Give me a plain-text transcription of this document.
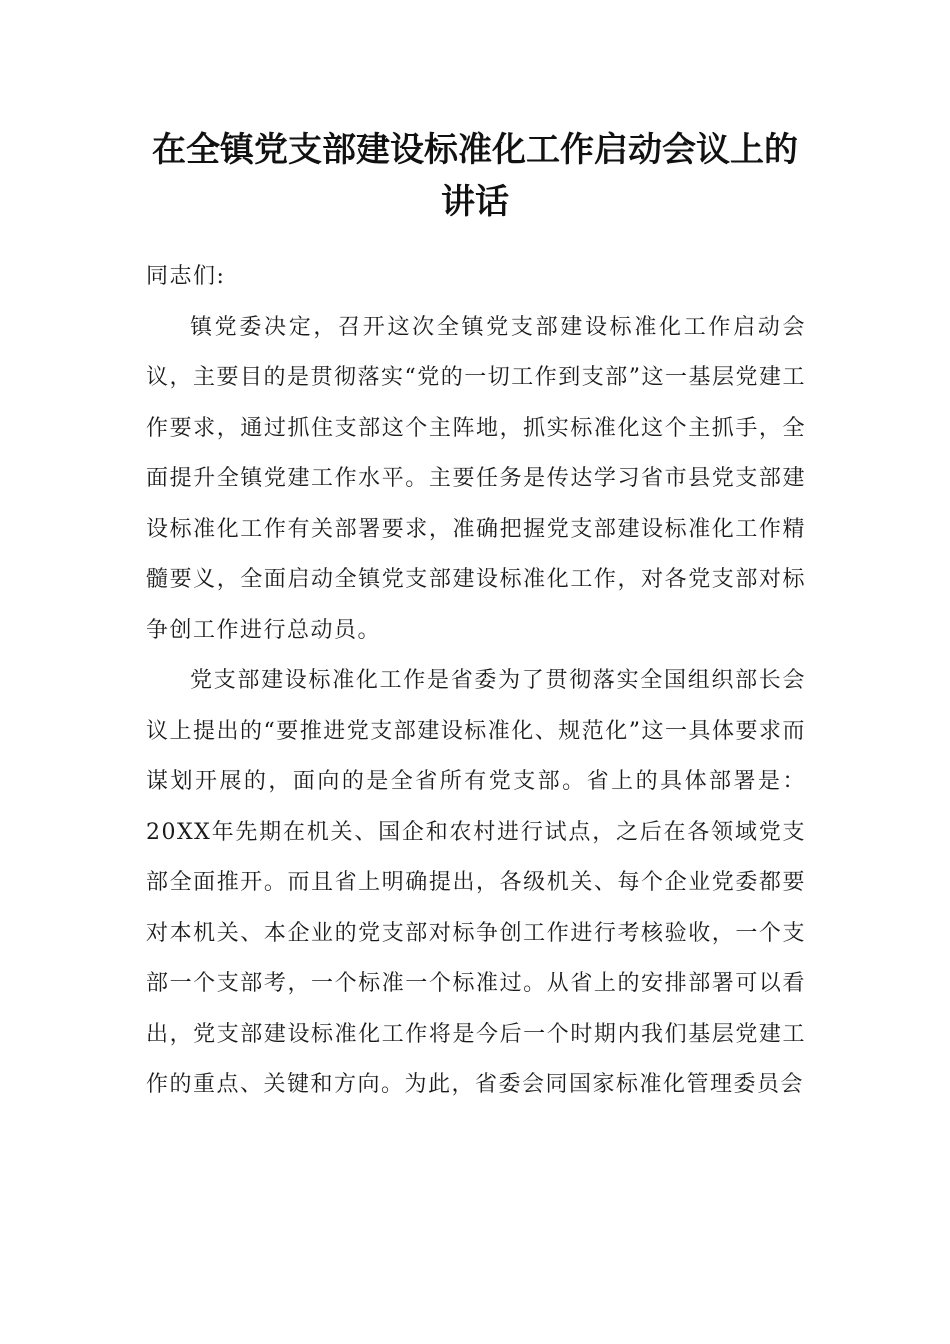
在全镇党支部建设标准化工作启动会议上的讲话

同志们:

镇党委决定，召开这次全镇党支部建设标准化工作启动会议，主要目的是贯彻落实“党的一切工作到支部”这一基层党建工作要求，通过抓住支部这个主阵地，抓实标准化这个主抓手，全面提升全镇党建工作水平。主要任务是传达学习省市县党支部建设标准化工作有关部署要求，准确把握党支部建设标准化工作精髓要义，全面启动全镇党支部建设标准化工作，对各党支部对标争创工作进行总动员。

党支部建设标准化工作是省委为了贯彻落实全国组织部长会议上提出的“要推进党支部建设标准化、规范化”这一具体要求而谋划开展的，面向的是全省所有党支部。省上的具体部署是：20XX年先期在机关、国企和农村进行试点，之后在各领域党支部全面推开。而且省上明确提出，各级机关、每个企业党委都要对本机关、本企业的党支部对标争创工作进行考核验收，一个支部一个支部考，一个标准一个标准过。从省上的安排部署可以看出，党支部建设标准化工作将是今后一个时期内我们基层党建工作的重点、关键和方向。为此，省委会同国家标准化管理委员会
